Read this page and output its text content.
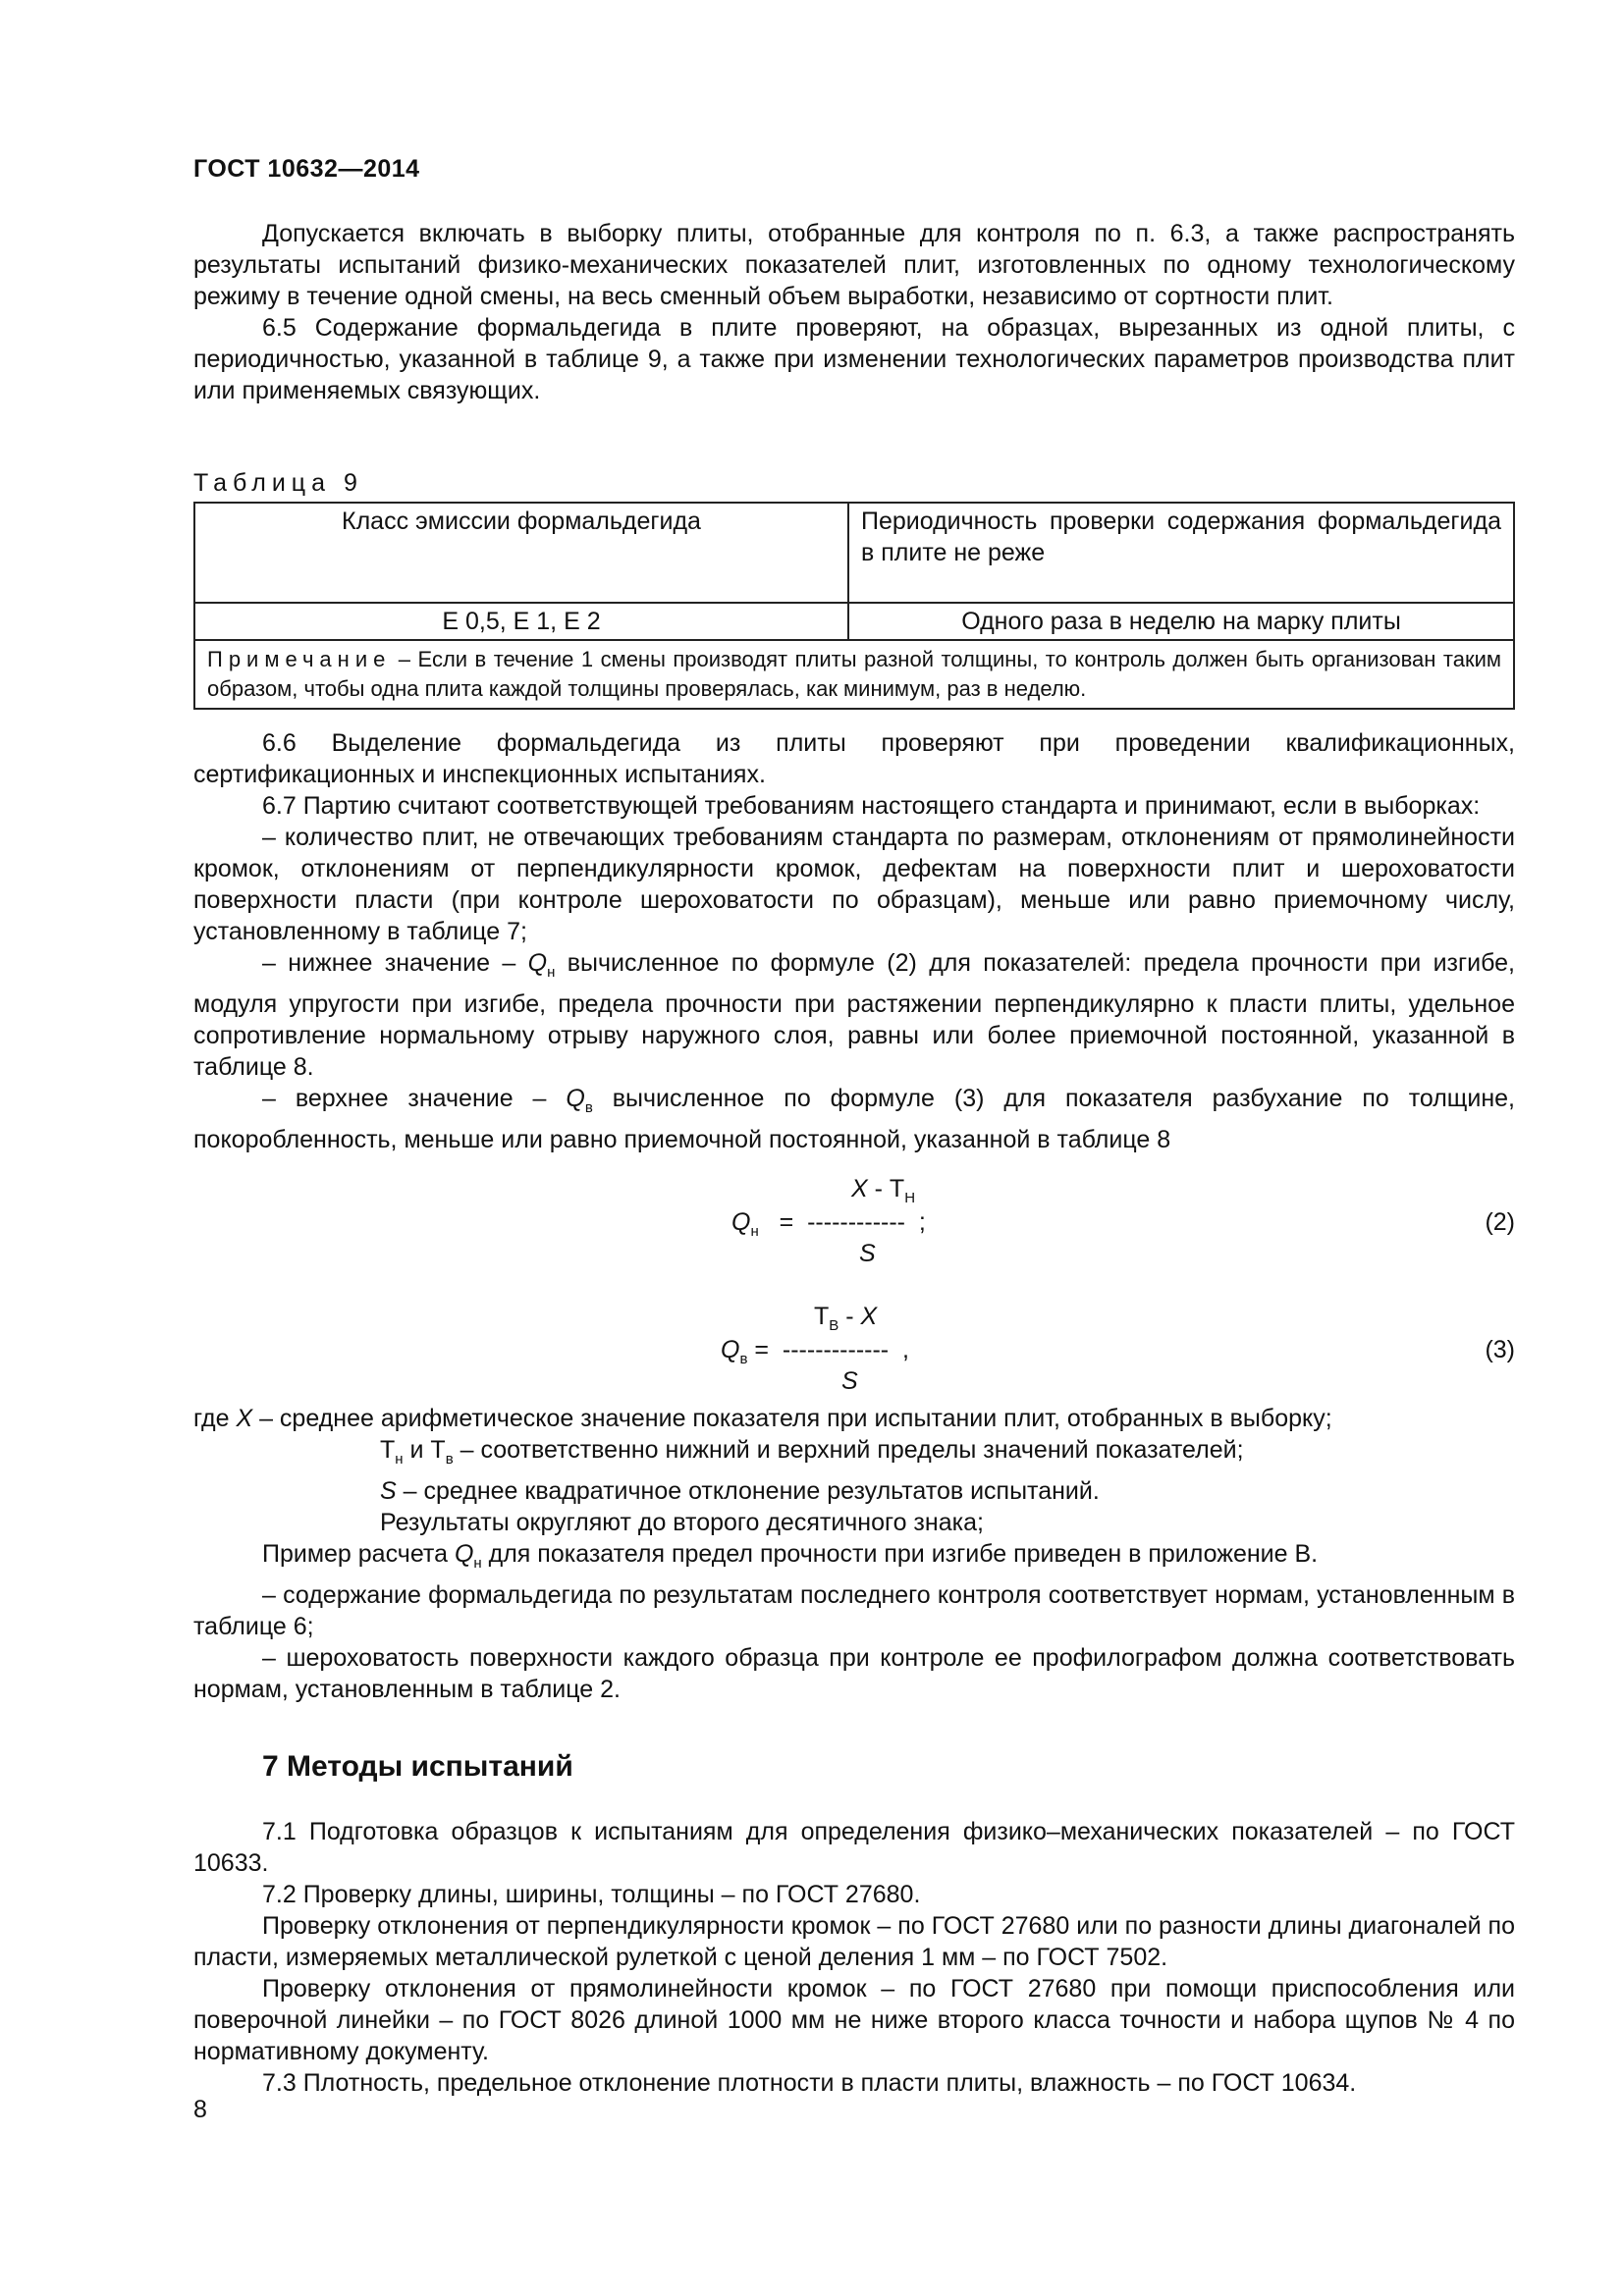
ГОСТ 10632—2014

Допускается включать в выборку плиты, отобранные для контроля по п. 6.3, а также распространять результаты испытаний физико-механических показателей плит, изготовленных по одному технологическому режиму в течение одной смены, на весь сменный объем выработки, независимо от сортности плит.

6.5 Содержание формальдегида в плите проверяют, на образцах, вырезанных из одной плиты, с периодичностью, указанной в таблице 9, а также при изменении технологических параметров производства плит или применяемых связующих.

Таблица 9
Класс эмиссии формальдегида	Периодичность проверки содержания формальдегида в плите не реже
Е 0,5, Е 1, Е 2	Одного раза в неделю на марку плиты
Примечание – Если в течение 1 смены производят плиты разной толщины, то контроль должен быть организован таким образом, чтобы одна плита каждой толщины проверялась, как минимум, раз в неделю.	

6.6 Выделение формальдегида из плиты проверяют при проведении квалификационных, сертификационных и инспекционных испытаниях.

6.7 Партию считают соответствующей требованиям настоящего стандарта и принимают, если в выборках:

– количество плит, не отвечающих требованиям стандарта по размерам, отклонениям от прямолинейности кромок, отклонениям от перпендикулярности кромок, дефектам на поверхности плит и шероховатости поверхности пласти (при контроле шероховатости по образцам), меньше или равно приемочному числу, установленному в таблице 7;

– нижнее значение – $Q_н$ вычисленное по формуле (2) для показателей: предела прочности при изгибе, модуля упругости при изгибе, предела прочности при растяжении перпендикулярно к пласти плиты, удельное сопротивление нормальному отрыву наружного слоя, равны или более приемочной постоянной, указанной в таблице 8.

– верхнее значение – $Q_в$ вычисленное по формуле (3) для показателя разбухание по толщине, покоробленность, меньше или равно приемочной постоянной, указанной в таблице 8

X - $Т_Н$
$Q_н$ = ------------ ;
S
(2)
$Т_В$ - X
$Q_в$ = ------------- ,
S
(3)

где X – среднее арифметическое значение показателя при испытании плит, отобранных в выборку;

$Т_н$ и $Т_в$ – соответственно нижний и верхний пределы значений показателей;

S – среднее квадратичное отклонение результатов испытаний.

Результаты округляют до второго десятичного знака;

Пример расчета $Q_н$ для показателя предел прочности при изгибе приведен в приложение В.

– содержание формальдегида по результатам последнего контроля соответствует нормам, установленным в таблице 6;

– шероховатость поверхности каждого образца при контроле ее профилографом должна соответствовать нормам, установленным в таблице 2.

7 Методы испытаний

7.1 Подготовка образцов к испытаниям для определения физико–механических показателей – по ГОСТ 10633.

7.2 Проверку длины, ширины, толщины – по ГОСТ 27680.

Проверку отклонения от перпендикулярности кромок – по ГОСТ 27680 или по разности длины диагоналей по пласти, измеряемых металлической рулеткой с ценой деления 1 мм – по ГОСТ 7502.

Проверку отклонения от прямолинейности кромок – по ГОСТ 27680 при помощи приспособления или поверочной линейки – по ГОСТ 8026 длиной 1000 мм не ниже второго класса точности и набора щупов № 4 по нормативному документу.

7.3 Плотность, предельное отклонение плотности в пласти плиты, влажность – по ГОСТ 10634.

8
